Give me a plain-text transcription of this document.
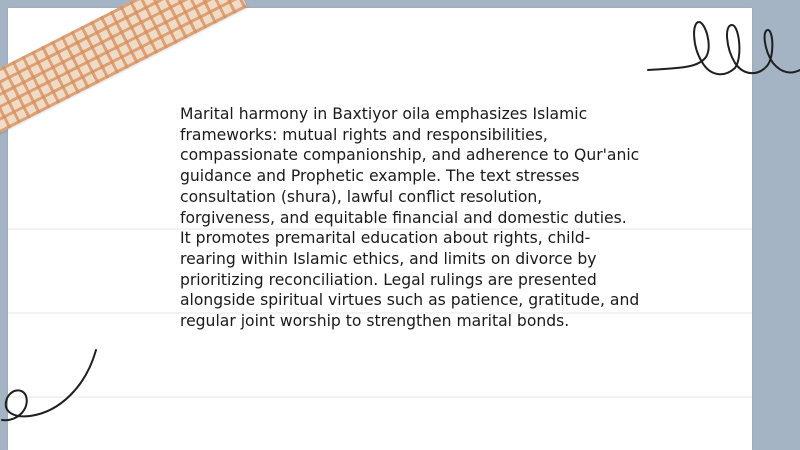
Marital harmony in Baxtiyor oila emphasizes Islamic frameworks: mutual rights and responsibilities, compassionate companionship, and adherence to Qur'anic guidance and Prophetic example. The text stresses consultation (shura), lawful conflict resolution, forgiveness, and equitable financial and domestic duties. It promotes premarital education about rights, child-rearing within Islamic ethics, and limits on divorce by prioritizing reconciliation. Legal rulings are presented alongside spiritual virtues such as patience, gratitude, and regular joint worship to strengthen marital bonds.
